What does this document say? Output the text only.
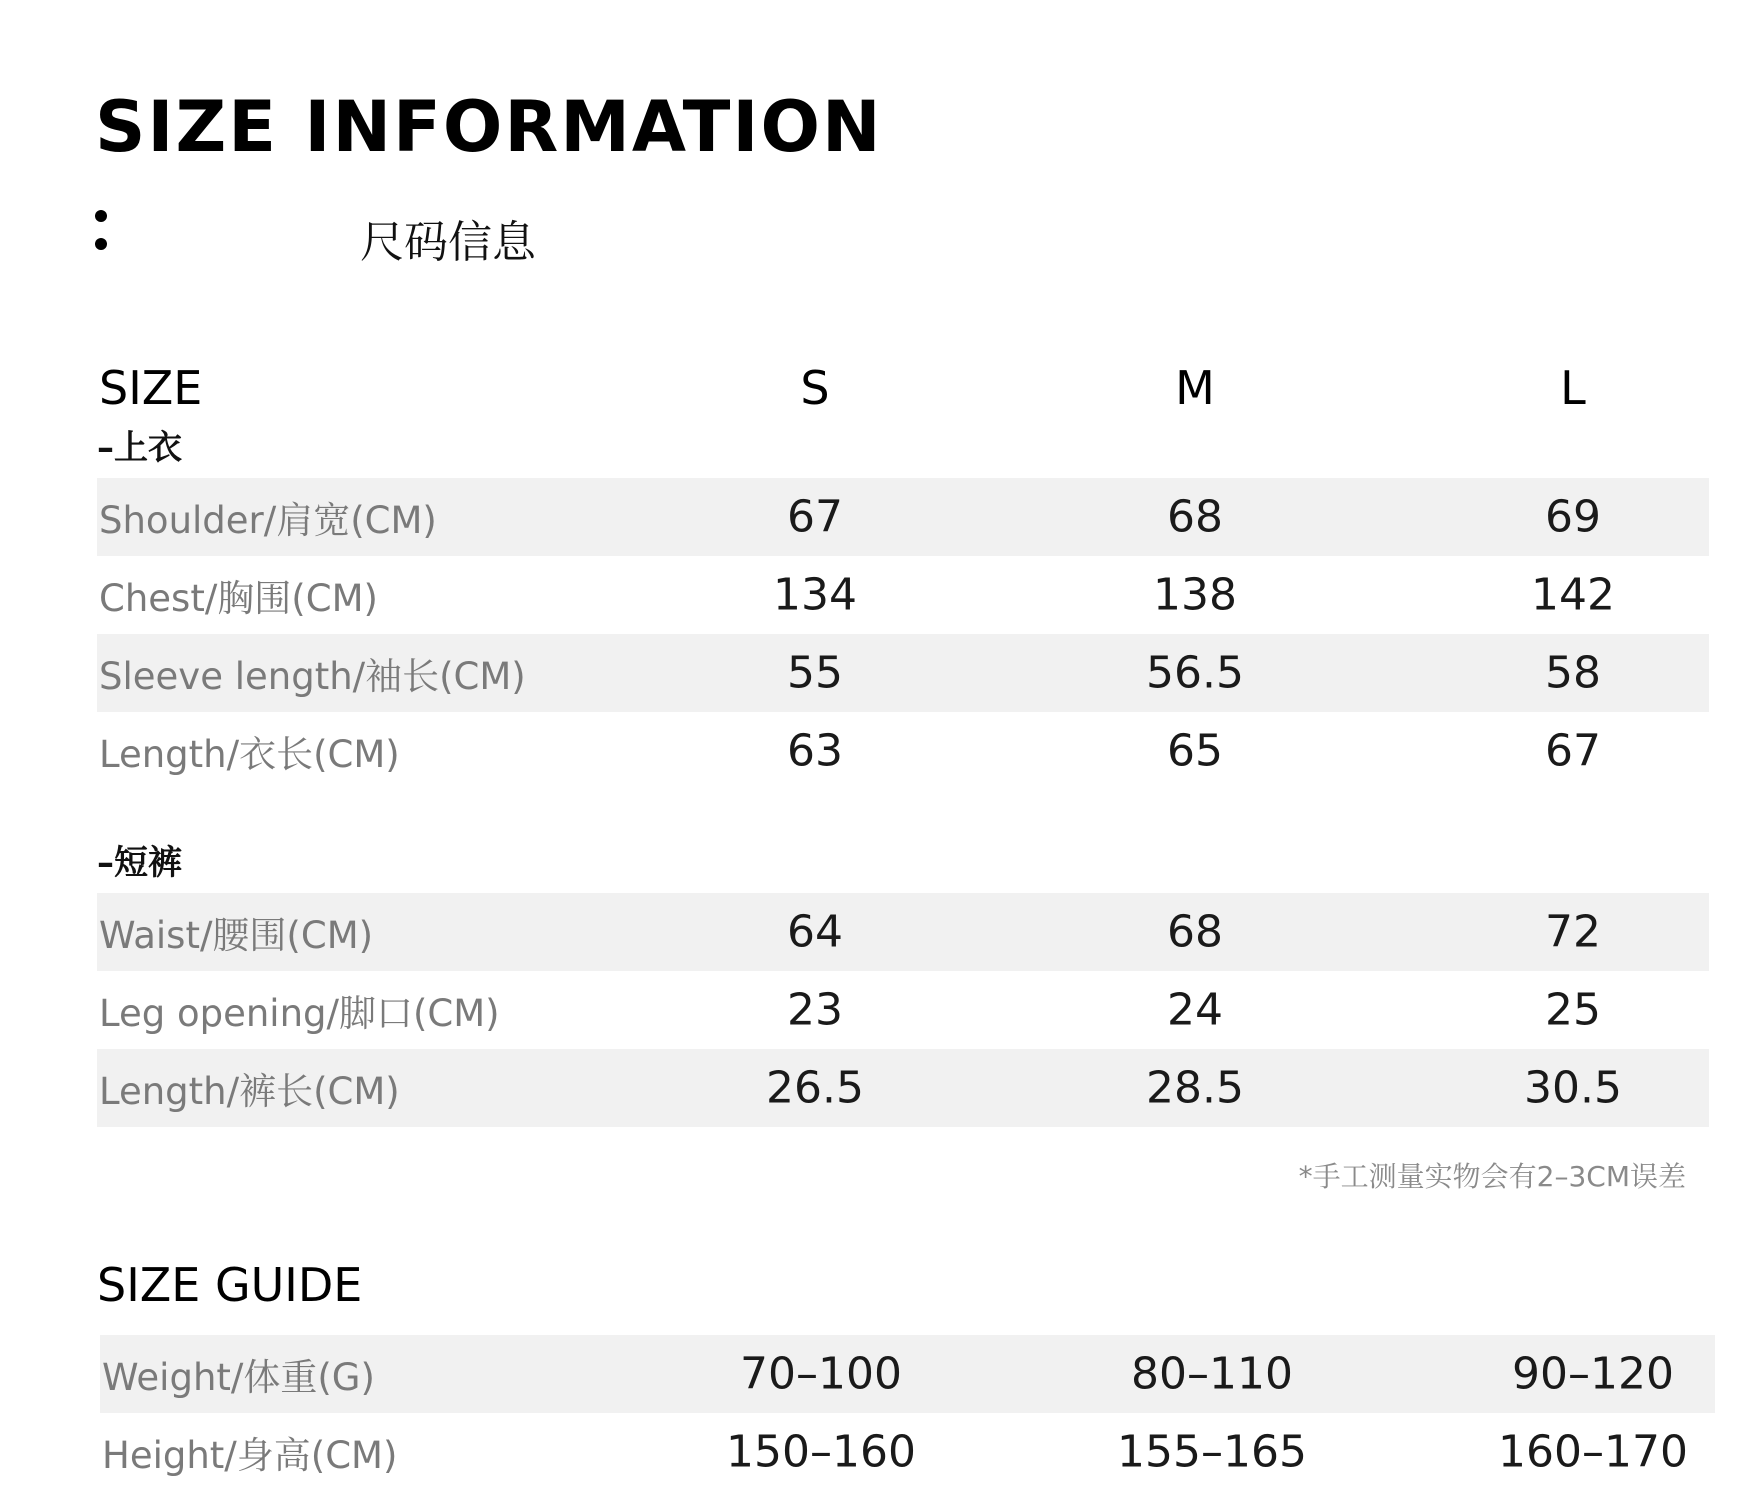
SIZE INFORMATION
尺码信息
SIZE	S	M	L
–上衣
Shoulder/肩宽(CM)	67	68	69
Chest/胸围(CM)	134	138	142
Sleeve length/袖长(CM)	55	56.5	58
Length/衣长(CM)	63	65	67
–短裤
Waist/腰围(CM)	64	68	72
Leg opening/脚口(CM)	23	24	25
Length/裤长(CM)	26.5	28.5	30.5
*手工测量实物会有2–3CM误差
SIZE GUIDE
Weight/体重(G)	70–100	80–110	90–120
Height/身高(CM)	150–160	155–165	160–170
